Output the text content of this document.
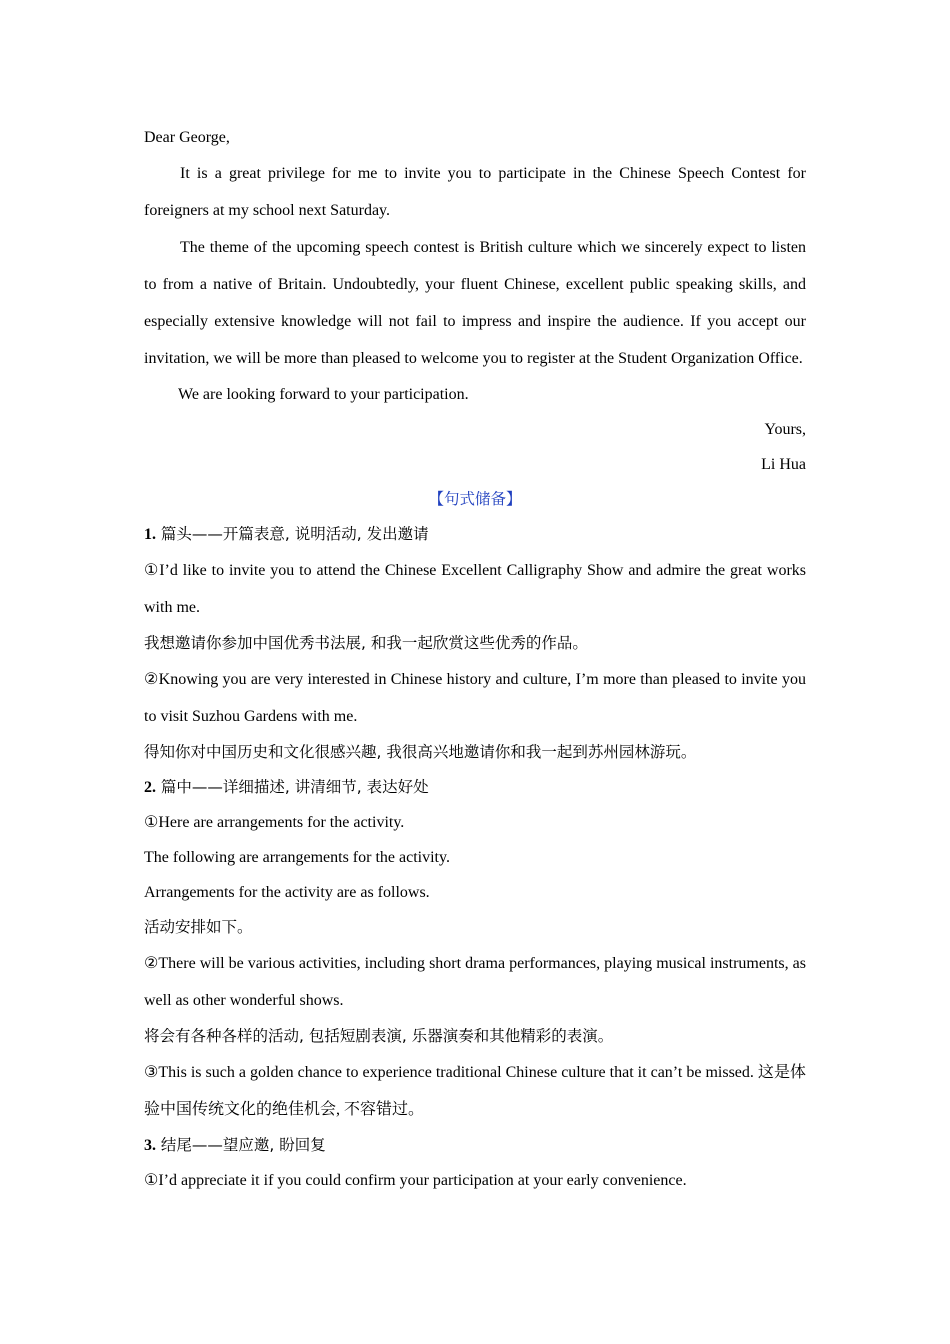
Dear George,

It is a great privilege for me to invite you to participate in the Chinese Speech Contest for foreigners at my school next Saturday.

The theme of the upcoming speech contest is British culture which we sincerely expect to listen to from a native of Britain. Undoubtedly, your fluent Chinese, excellent public speaking skills, and especially extensive knowledge will not fail to impress and inspire the audience. If you accept our invitation, we will be more than pleased to welcome you to register at the Student Organization Office.

We are looking forward to your participation.

Yours,

Li Hua

【句式储备】

1. 篇头——开篇表意, 说明活动, 发出邀请

①I’d like to invite you to attend the Chinese Excellent Calligraphy Show and admire the great works with me.

我想邀请你参加中国优秀书法展, 和我一起欣赏这些优秀的作品。

②Knowing you are very interested in Chinese history and culture, I’m more than pleased to invite you to visit Suzhou Gardens with me.

得知你对中国历史和文化很感兴趣, 我很高兴地邀请你和我一起到苏州园林游玩。

2. 篇中——详细描述, 讲清细节, 表达好处

①Here are arrangements for the activity.

The following are arrangements for the activity.

Arrangements for the activity are as follows.

活动安排如下。

②There will be various activities, including short drama performances, playing musical instruments, as well as other wonderful shows.

将会有各种各样的活动, 包括短剧表演, 乐器演奏和其他精彩的表演。

③This is such a golden chance to experience traditional Chinese culture that it can’t be missed. 这是体验中国传统文化的绝佳机会, 不容错过。

3. 结尾——望应邀, 盼回复

①I’d appreciate it if you could confirm your participation at your early convenience.
